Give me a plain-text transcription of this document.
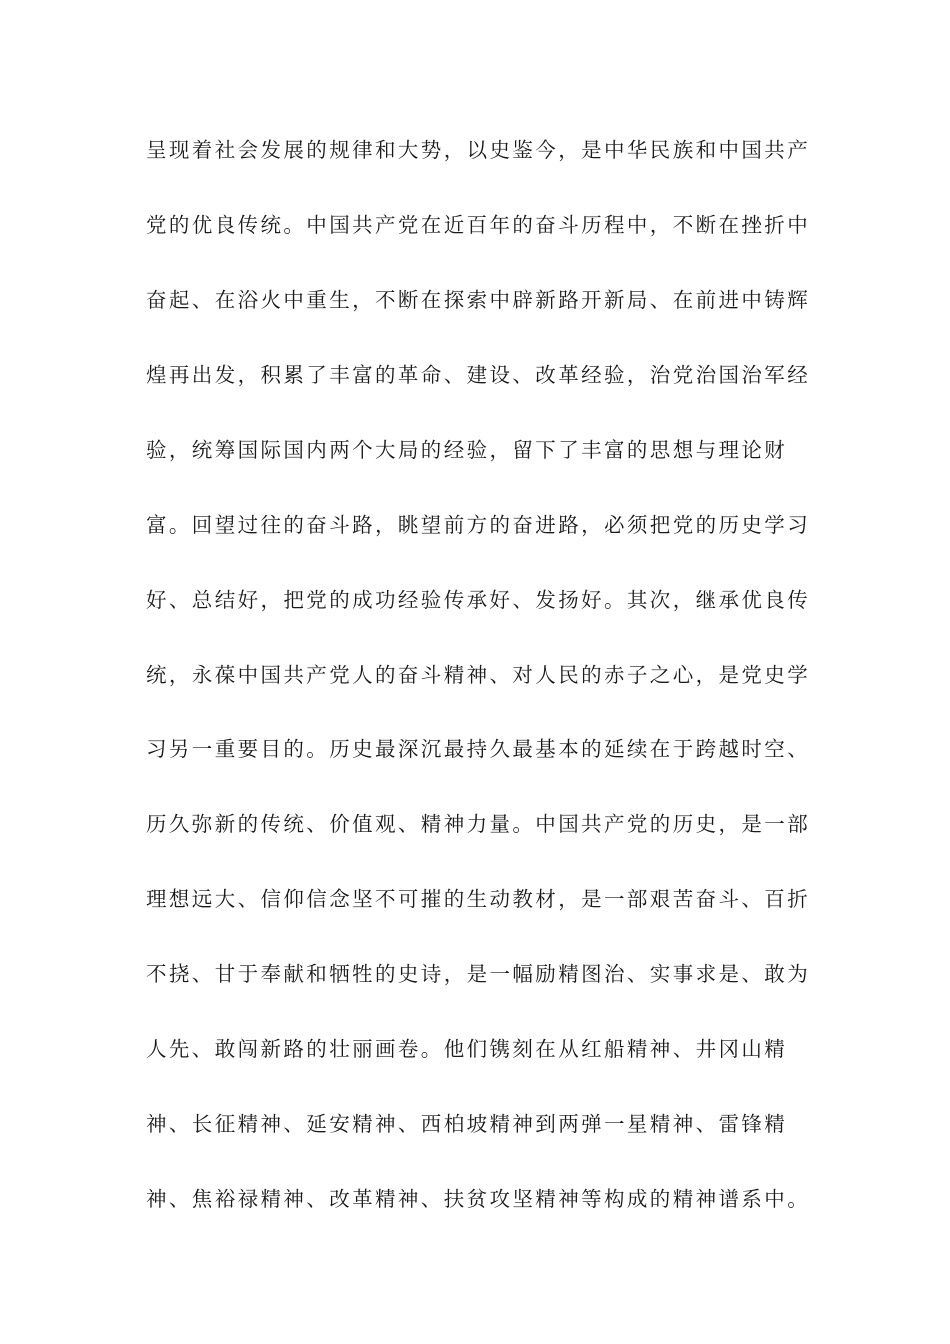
呈现着社会发展的规律和大势，以史鉴今，是中华民族和中国共产
党的优良传统。中国共产党在近百年的奋斗历程中，不断在挫折中
奋起、在浴火中重生，不断在探索中辟新路开新局、在前进中铸辉
煌再出发，积累了丰富的革命、建设、改革经验，治党治国治军经
验，统筹国际国内两个大局的经验，留下了丰富的思想与理论财
富。回望过往的奋斗路，眺望前方的奋进路，必须把党的历史学习
好、总结好，把党的成功经验传承好、发扬好。其次，继承优良传
统，永葆中国共产党人的奋斗精神、对人民的赤子之心，是党史学
习另一重要目的。历史最深沉最持久最基本的延续在于跨越时空、
历久弥新的传统、价值观、精神力量。中国共产党的历史，是一部
理想远大、信仰信念坚不可摧的生动教材，是一部艰苦奋斗、百折
不挠、甘于奉献和牺牲的史诗，是一幅励精图治、实事求是、敢为
人先、敢闯新路的壮丽画卷。他们镌刻在从红船精神、井冈山精
神、长征精神、延安精神、西柏坡精神到两弹一星精神、雷锋精
神、焦裕禄精神、改革精神、扶贫攻坚精神等构成的精神谱系中。
